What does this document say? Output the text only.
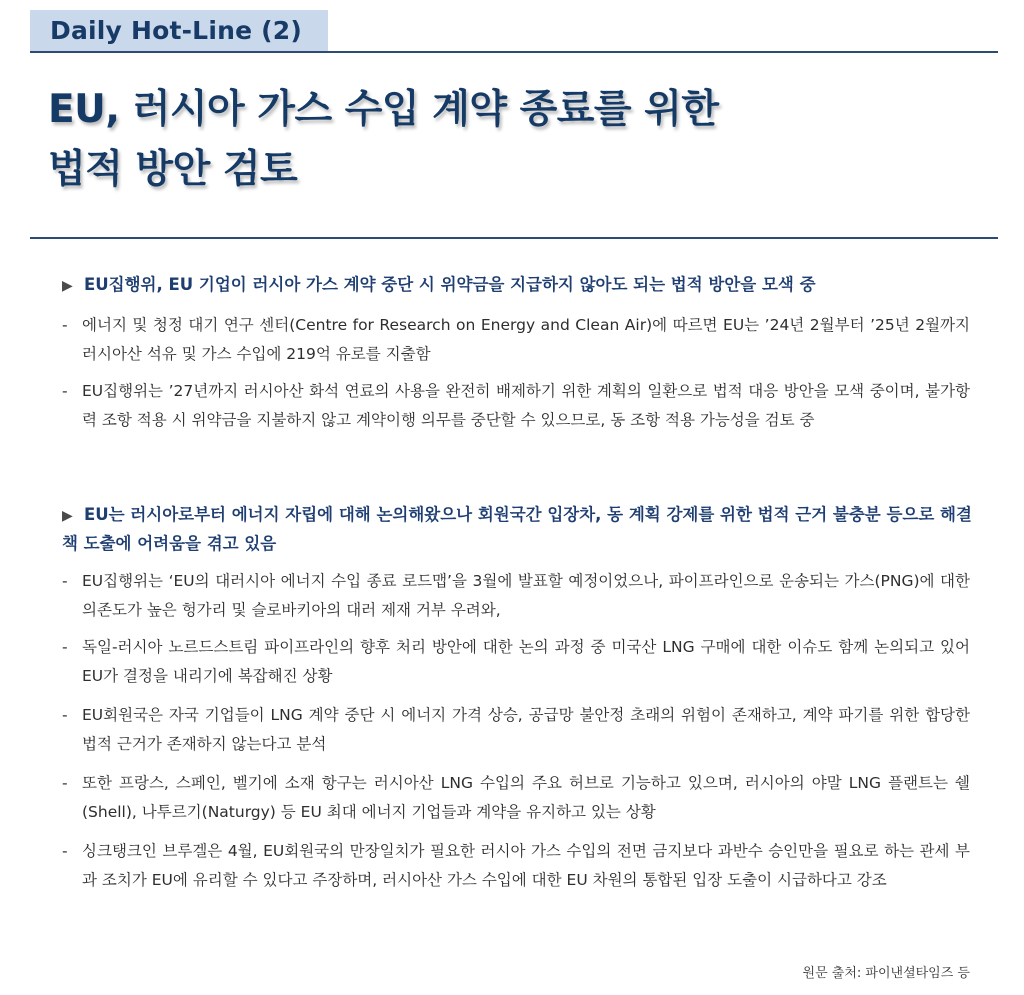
Daily Hot-Line (2)
EU, 러시아 가스 수입 계약 종료를 위한
법적 방안 검토
▶ EU집행위, EU 기업이 러시아 가스 계약 중단 시 위약금을 지급하지 않아도 되는 법적 방안을 모색 중
- 에너지 및 청정 대기 연구 센터(Centre for Research on Energy and Clean Air)에 따르면 EU는 ’24년 2월부터 ’25년 2월까지 러시아산 석유 및 가스 수입에 219억 유로를 지출함
- EU집행위는 ’27년까지 러시아산 화석 연료의 사용을 완전히 배제하기 위한 계획의 일환으로 법적 대응 방안을 모색 중이며, 불가항력 조항 적용 시 위약금을 지불하지 않고 계약이행 의무를 중단할 수 있으므로, 동 조항 적용 가능성을 검토 중
▶ EU는 러시아로부터 에너지 자립에 대해 논의해왔으나 회원국간 입장차, 동 계획 강제를 위한 법적 근거 불충분 등으로 해결책 도출에 어려움을 겪고 있음
- EU집행위는 ‘EU의 대러시아 에너지 수입 종료 로드맵’을 3월에 발표할 예정이었으나, 파이프라인으로 운송되는 가스(PNG)에 대한 의존도가 높은 헝가리 및 슬로바키아의 대러 제재 거부 우려와,
- 독일-러시아 노르드스트림 파이프라인의 향후 처리 방안에 대한 논의 과정 중 미국산 LNG 구매에 대한 이슈도 함께 논의되고 있어 EU가 결정을 내리기에 복잡해진 상황
- EU회원국은 자국 기업들이 LNG 계약 중단 시 에너지 가격 상승, 공급망 불안정 초래의 위험이 존재하고, 계약 파기를 위한 합당한 법적 근거가 존재하지 않는다고 분석
- 또한 프랑스, 스페인, 벨기에 소재 항구는 러시아산 LNG 수입의 주요 허브로 기능하고 있으며, 러시아의 야말 LNG 플랜트는 쉘(Shell), 나투르기(Naturgy) 등 EU 최대 에너지 기업들과 계약을 유지하고 있는 상황
- 싱크탱크인 브루겔은 4월, EU회원국의 만장일치가 필요한 러시아 가스 수입의 전면 금지보다 과반수 승인만을 필요로 하는 관세 부과 조치가 EU에 유리할 수 있다고 주장하며, 러시아산 가스 수입에 대한 EU 차원의 통합된 입장 도출이 시급하다고 강조
원문 출처: 파이낸셜타임즈 등
